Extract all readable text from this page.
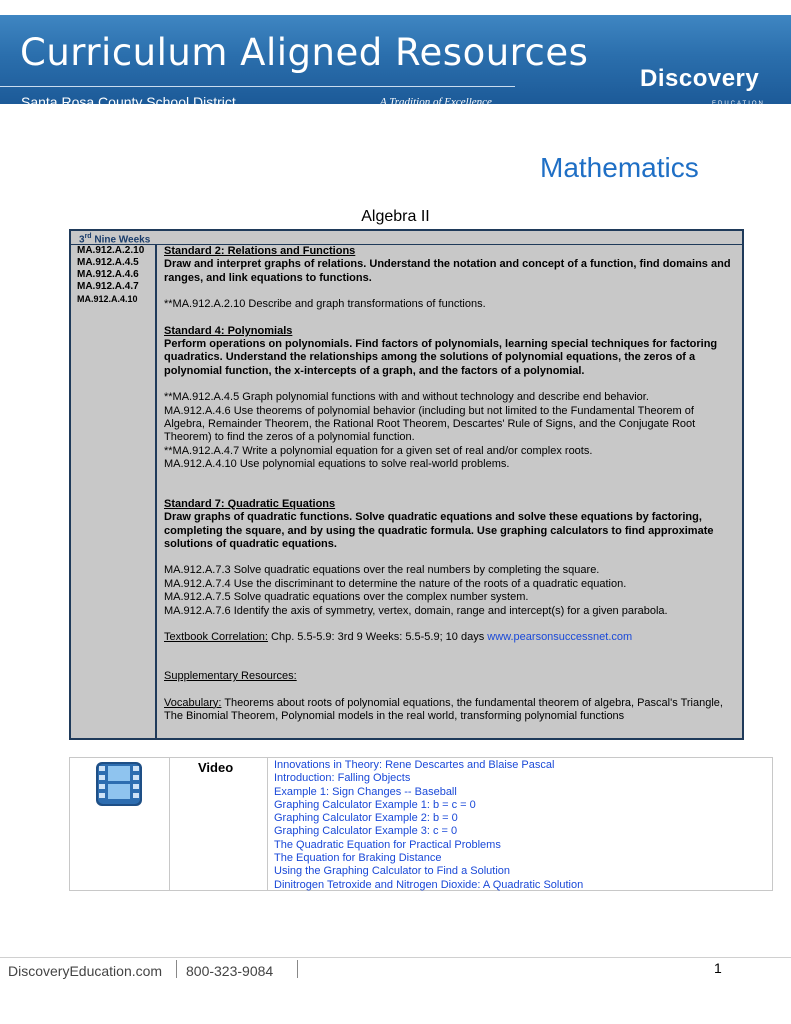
Curriculum Aligned Resources
Santa Rosa County School District	A Tradition of Excellence
Discovery
EDUCATION
Mathematics
Algebra II
3rd Nine Weeks
MA.912.A.2.10
MA.912.A.4.5
MA.912.A.4.6
MA.912.A.4.7
MA.912.A.4.10

Standard 2: Relations and Functions

Draw and interpret graphs of relations. Understand the notation and concept of a function, find domains and ranges, and link equations to functions.

**MA.912.A.2.10 Describe and graph transformations of functions.

Standard 4: Polynomials

Perform operations on polynomials. Find factors of polynomials, learning special techniques for factoring quadratics. Understand the relationships among the solutions of polynomial equations, the zeros of a polynomial function, the x-intercepts of a graph, and the factors of a polynomial.

**MA.912.A.4.5 Graph polynomial functions with and without technology and describe end behavior.

MA.912.A.4.6 Use theorems of polynomial behavior (including but not limited to the Fundamental Theorem of Algebra, Remainder Theorem, the Rational Root Theorem, Descartes' Rule of Signs, and the Conjugate Root Theorem) to find the zeros of a polynomial function.

**MA.912.A.4.7 Write a polynomial equation for a given set of real and/or complex roots.

MA.912.A.4.10 Use polynomial equations to solve real-world problems.

Standard 7: Quadratic Equations

Draw graphs of quadratic functions. Solve quadratic equations and solve these equations by factoring, completing the square, and by using the quadratic formula. Use graphing calculators to find approximate solutions of quadratic equations.

MA.912.A.7.3 Solve quadratic equations over the real numbers by completing the square.

MA.912.A.7.4 Use the discriminant to determine the nature of the roots of a quadratic equation.

MA.912.A.7.5 Solve quadratic equations over the complex number system.

MA.912.A.7.6 Identify the axis of symmetry, vertex, domain, range and intercept(s) for a given parabola.

Textbook Correlation: Chp. 5.5-5.9: 3rd 9 Weeks: 5.5-5.9; 10 days www.pearsonsuccessnet.com

Supplementary Resources:

Vocabulary: Theorems about roots of polynomial equations, the fundamental theorem of algebra, Pascal's Triangle, The Binomial Theorem, Polynomial models in the real world, transforming polynomial functions

Video	Innovations in Theory: Rene Descartes and Blaise Pascal
Introduction: Falling Objects
Example 1: Sign Changes -- Baseball
Graphing Calculator Example 1: b = c = 0
Graphing Calculator Example 2: b = 0
Graphing Calculator Example 3: c = 0
The Quadratic Equation for Practical Problems
The Equation for Braking Distance
Using the Graphing Calculator to Find a Solution
Dinitrogen Tetroxide and Nitrogen Dioxide: A Quadratic Solution
DiscoveryEducation.com 800-323-9084	1
